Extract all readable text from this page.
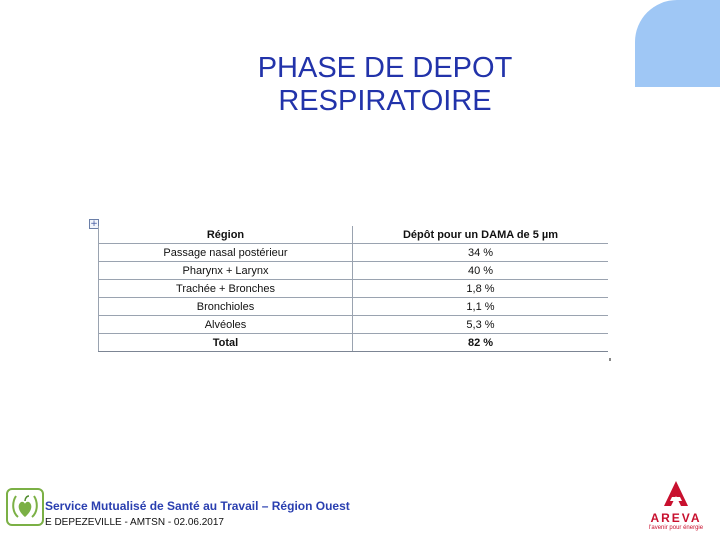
PHASE DE DEPOT
RESPIRATOIRE
+
Région	Dépôt pour un DAMA de 5 µm
Passage nasal postérieur	34 %
Pharynx + Larynx	40 %
Trachée + Bronches	1,8 %
Bronchioles	1,1 %
Alvéoles	5,3 %
Total	82 %
Service Mutualisé de Santé au Travail – Région Ouest
E DEPEZEVILLE - AMTSN - 02.06.2017	AREVA
l'avenir pour énergie
